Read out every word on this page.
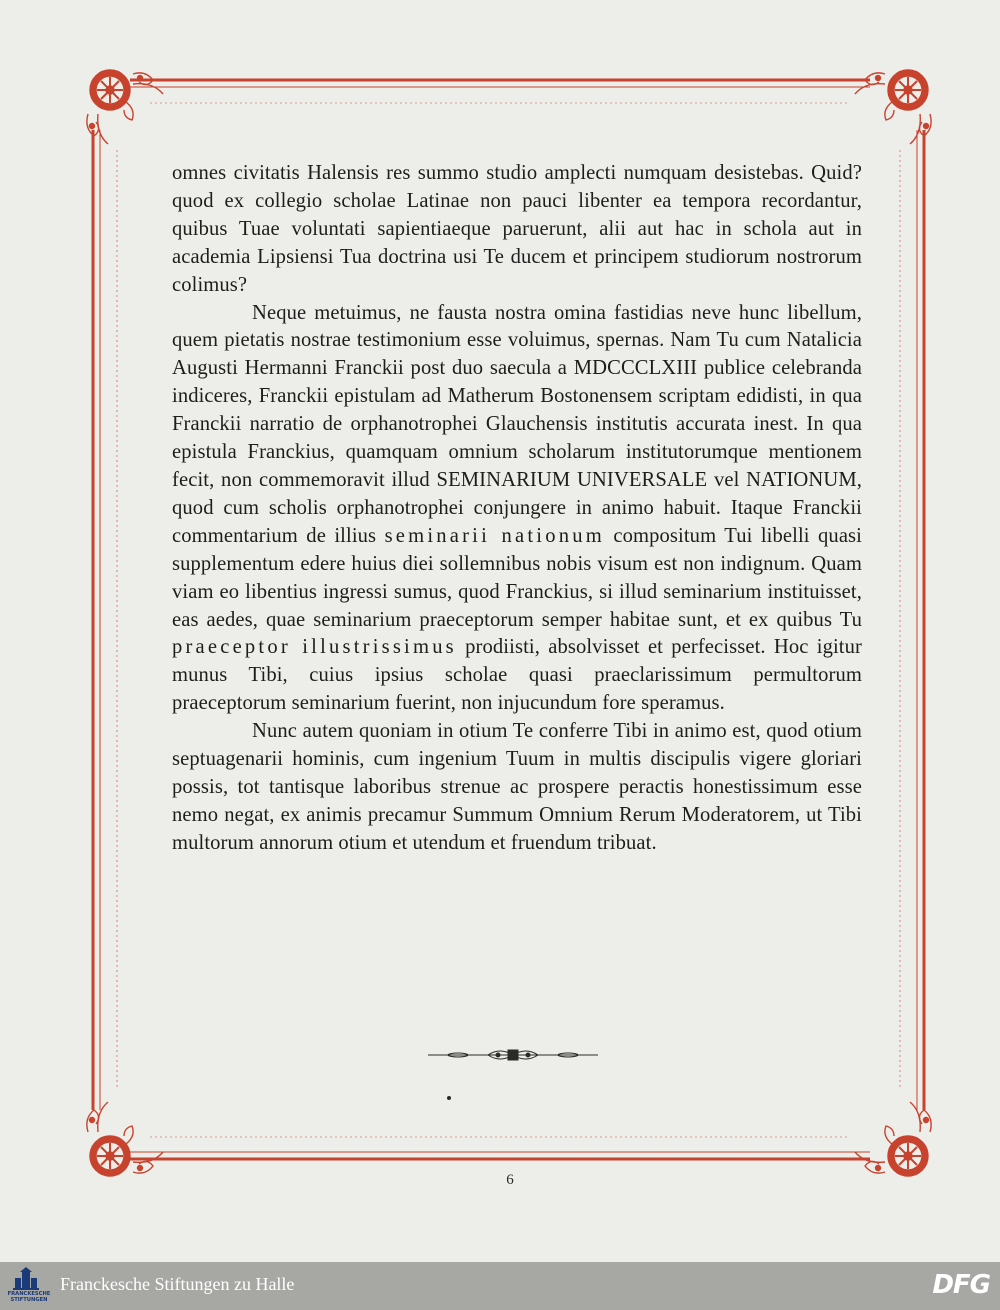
omnes civitatis Halensis res summo studio amplecti numquam desistebas. Quid? quod ex collegio scholae Latinae non pauci libenter ea tempora recordantur, quibus Tuae voluntati sapientiaeque paruerunt, alii aut hac in schola aut in academia Lipsiensi Tua doctrina usi Te ducem et principem studiorum nostrorum colimus?

Neque metuimus, ne fausta nostra omina fastidias neve hunc libellum, quem pietatis nostrae testimonium esse voluimus, spernas. Nam Tu cum Natalicia Augusti Hermanni Franckii post duo saecula a MDCCCLXIII publice celebranda indiceres, Franckii epistulam ad Matherum Bostonensem scriptam edidisti, in qua Franckii narratio de orphanotrophei Glauchensis institutis accurata inest. In qua epistula Franckius, quamquam omnium scholarum institutorumque mentionem fecit, non commemoravit illud SEMINARIUM UNIVERSALE vel NATIONUM, quod cum scholis orphanotrophei conjungere in animo habuit. Itaque Franckii commentarium de illius seminarii nationum compositum Tui libelli quasi supplementum edere huius diei sollemnibus nobis visum est non indignum. Quam viam eo libentius ingressi sumus, quod Franckius, si illud seminarium instituisset, eas aedes, quae seminarium praeceptorum semper habitae sunt, et ex quibus Tu praeceptor illustrissimus prodiisti, absolvisset et perfecisset. Hoc igitur munus Tibi, cuius ipsius scholae quasi praeclarissimum permultorum praeceptorum seminarium fuerint, non injucundum fore speramus.

Nunc autem quoniam in otium Te conferre Tibi in animo est, quod otium septuagenarii hominis, cum ingenium Tuum in multis discipulis vigere gloriari possis, tot tantisque laboribus strenue ac prospere peractis honestissimum esse nemo negat, ex animis precamur Summum Omnium Rerum Moderatorem, ut Tibi multorum annorum otium et utendum et fruendum tribuat.

6
FRANCKESCHE
STIFTUNGEN
Franckesche Stiftungen zu Halle	DFG
